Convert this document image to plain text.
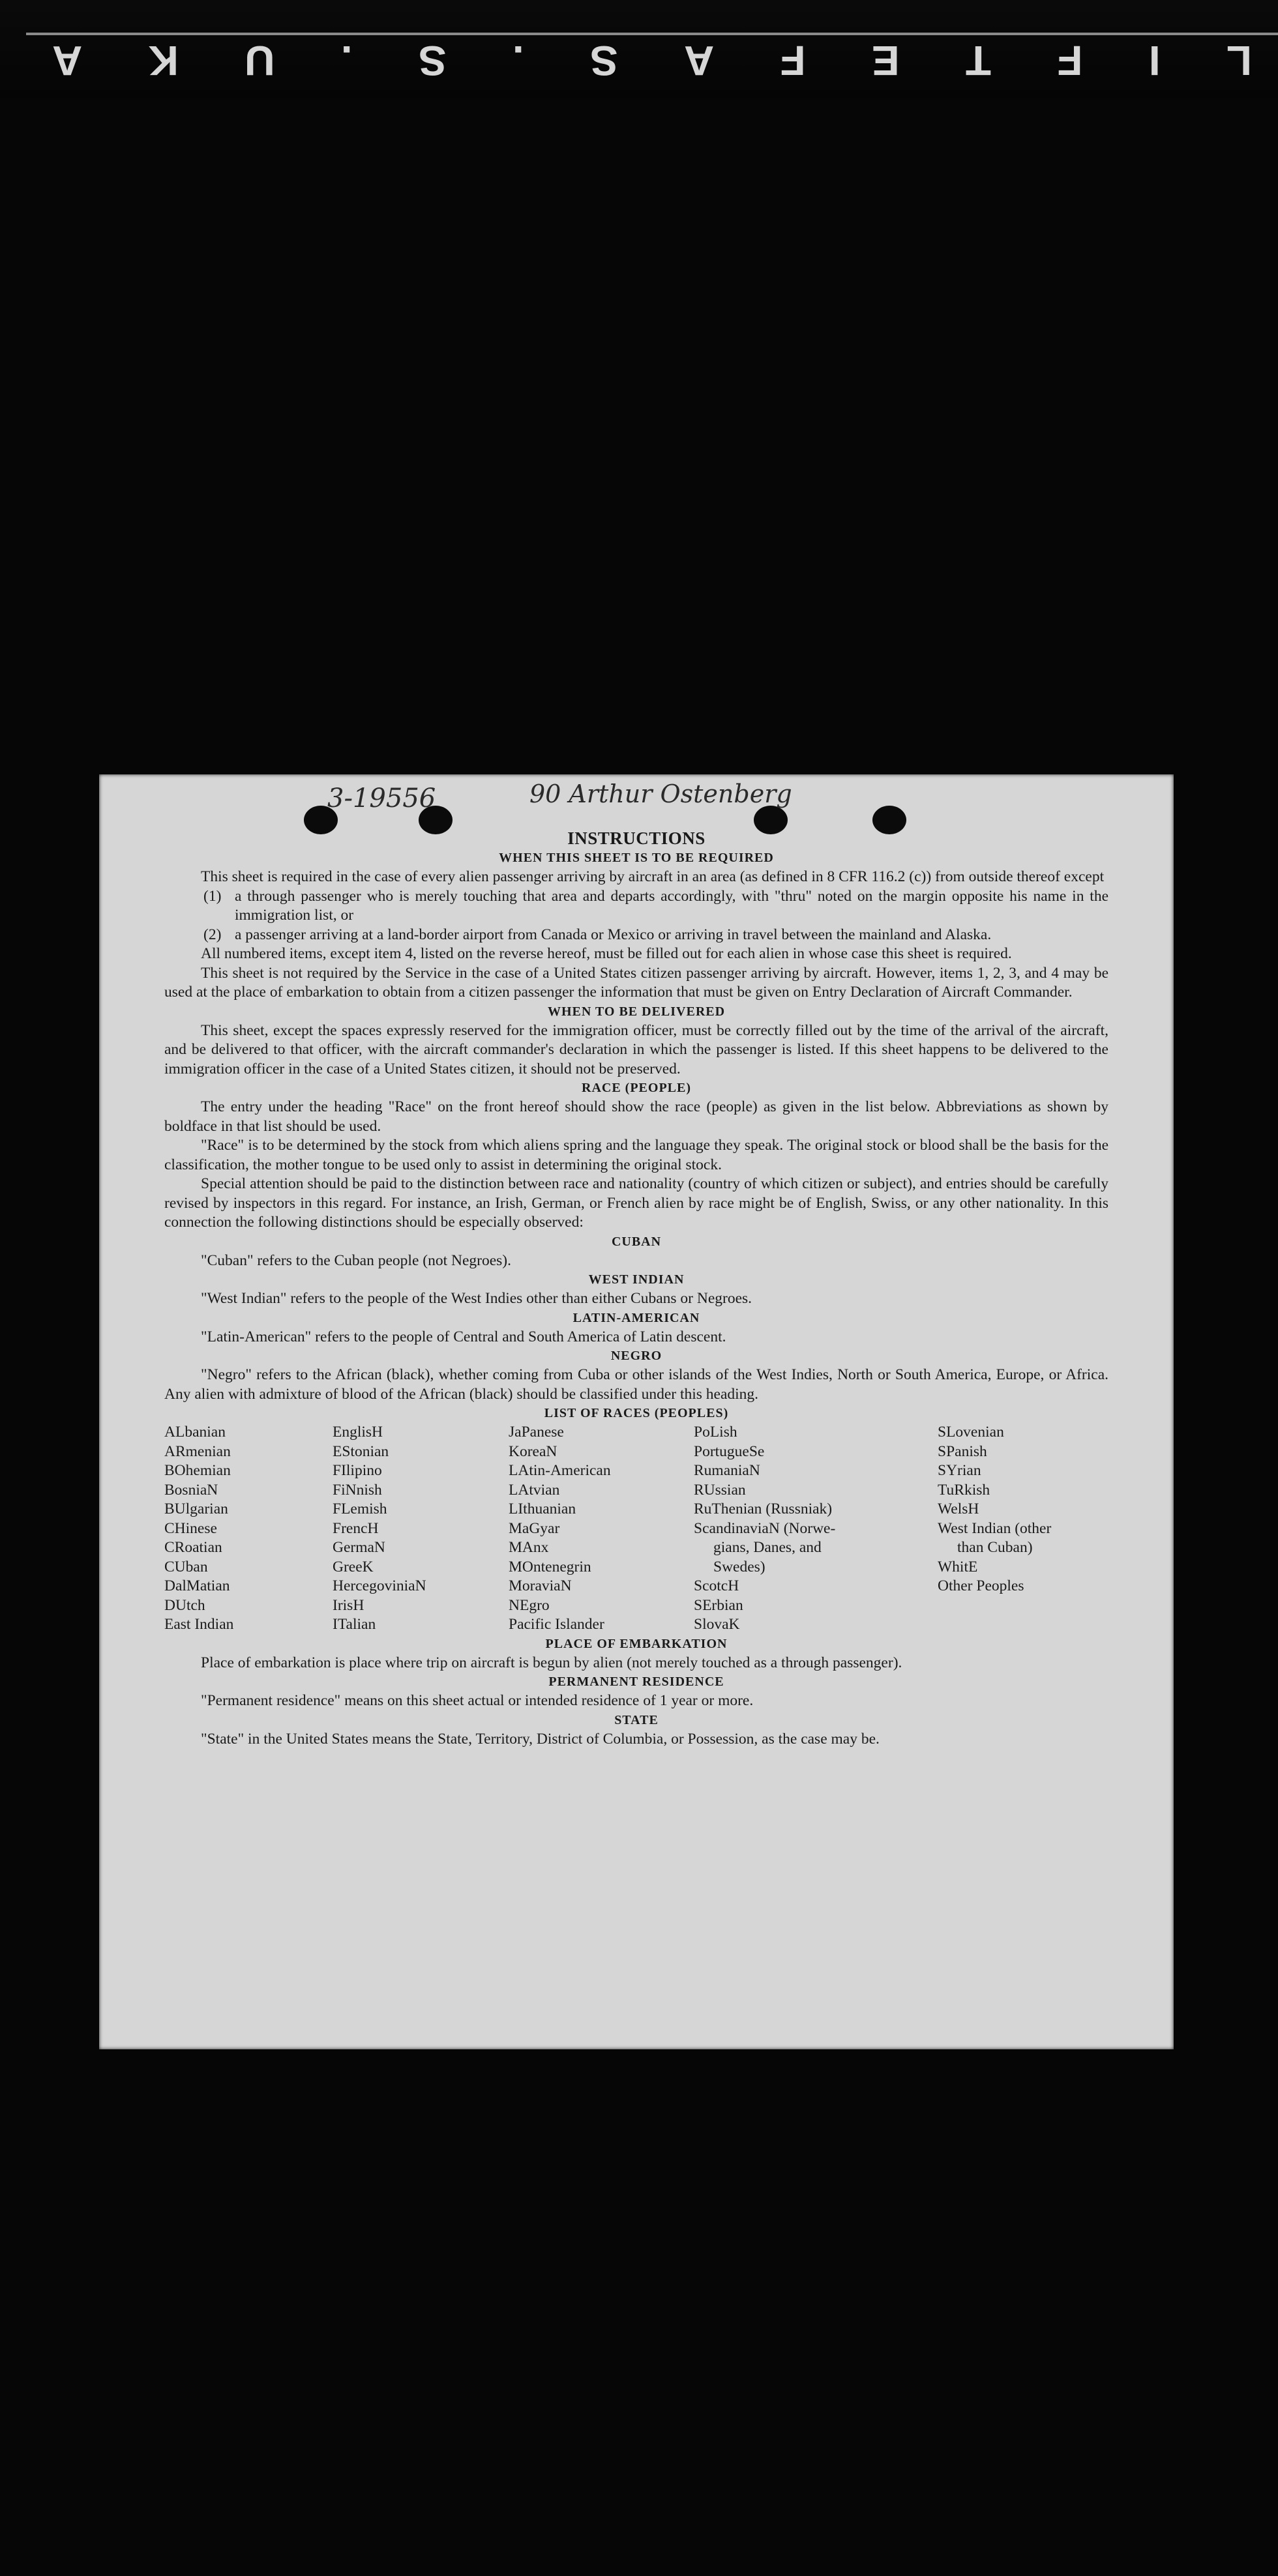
L
I
F
T
E
F
A
S
.
S
.
U
K
A
3-19556	90 Arthur Ostenberg
INSTRUCTIONS
WHEN THIS SHEET IS TO BE REQUIRED

This sheet is required in the case of every alien passenger arriving by aircraft in an area (as defined in 8 CFR 116.2 (c)) from outside thereof except

(1) a through passenger who is merely touching that area and departs accordingly, with "thru" noted on the margin opposite his name in the immigration list, or
(2) a passenger arriving at a land-border airport from Canada or Mexico or arriving in travel between the mainland and Alaska.

All numbered items, except item 4, listed on the reverse hereof, must be filled out for each alien in whose case this sheet is required.

This sheet is not required by the Service in the case of a United States citizen passenger arriving by aircraft. However, items 1, 2, 3, and 4 may be used at the place of embarkation to obtain from a citizen passenger the information that must be given on Entry Declaration of Aircraft Commander.

WHEN TO BE DELIVERED

This sheet, except the spaces expressly reserved for the immigration officer, must be correctly filled out by the time of the arrival of the aircraft, and be delivered to that officer, with the aircraft commander's declaration in which the passenger is listed. If this sheet happens to be delivered to the immigration officer in the case of a United States citizen, it should not be preserved.

RACE (PEOPLE)

The entry under the heading "Race" on the front hereof should show the race (people) as given in the list below. Abbreviations as shown by boldface in that list should be used.

"Race" is to be determined by the stock from which aliens spring and the language they speak. The original stock or blood shall be the basis for the classification, the mother tongue to be used only to assist in determining the original stock.

Special attention should be paid to the distinction between race and nationality (country of which citizen or subject), and entries should be carefully revised by inspectors in this regard. For instance, an Irish, German, or French alien by race might be of English, Swiss, or any other nationality. In this connection the following distinctions should be especially observed:

CUBAN

"Cuban" refers to the Cuban people (not Negroes).

WEST INDIAN

"West Indian" refers to the people of the West Indies other than either Cubans or Negroes.

LATIN-AMERICAN

"Latin-American" refers to the people of Central and South America of Latin descent.

NEGRO

"Negro" refers to the African (black), whether coming from Cuba or other islands of the West Indies, North or South America, Europe, or Africa. Any alien with admixture of blood of the African (black) should be classified under this heading.

LIST OF RACES (PEOPLES)
ALbanian
ARmenian
BOhemian
BosniaN
BUlgarian
CHinese
CRoatian
CUban
DalMatian
DUtch
East Indian
EnglisH
EStonian
FIlipino
FiNnish
FLemish
FrencH
GermaN
GreeK
HercegoviniaN
IrisH
ITalian
JaPanese
KoreaN
LAtin-American
LAtvian
LIthuanian
MaGyar
MAnx
MOntenegrin
MoraviaN
NEgro
Pacific Islander
PoLish
PortugueSe
RumaniaN
RUssian
RuThenian (Russniak)
ScandinaviaN (Norwe-
gians, Danes, and
Swedes)
ScotcH
SErbian
SlovaK
SLovenian
SPanish
SYrian
TuRkish
WelsH
West Indian (other
than Cuban)
WhitE
Other Peoples
PLACE OF EMBARKATION

Place of embarkation is place where trip on aircraft is begun by alien (not merely touched as a through passenger).

PERMANENT RESIDENCE

"Permanent residence" means on this sheet actual or intended residence of 1 year or more.

STATE

"State" in the United States means the State, Territory, District of Columbia, or Possession, as the case may be.
